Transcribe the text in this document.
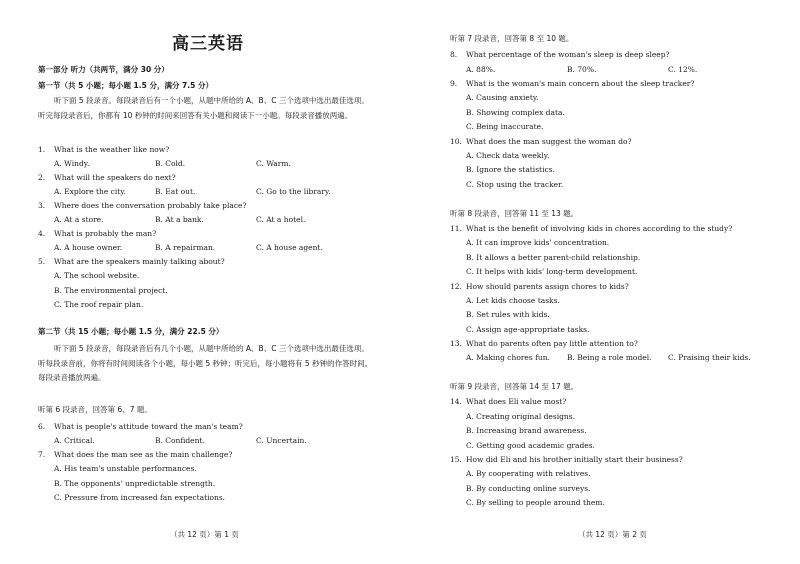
高三英语
第一部分 听力（共两节，满分 30 分）
第一节（共 5 小题；每小题 1.5 分，满分 7.5 分）
听下面 5 段录音。每段录音后有一个小题，从题中所给的 A、B、C 三个选项中选出最佳选项。听完每段录音后，你都有 10 秒钟的时间来回答有关小题和阅读下一小题。每段录音播放两遍。
1. What is the weather like now?
A. Windy.	B. Cold.	C. Warm.
2. What will the speakers do next?
A. Explore the city.	B. Eat out.	C. Go to the library.
3. Where does the conversation probably take place?
A. At a store.	B. At a bank.	C. At a hotel.
4. What is probably the man?
A. A house owner.	B. A repairman.	C. A house agent.
5. What are the speakers mainly talking about?
A. The school website.
B. The environmental project.
C. The roof repair plan.
第二节（共 15 小题；每小题 1.5 分，满分 22.5 分）
听下面 5 段录音，每段录音后有几个小题，从题中所给的 A、B、C 三个选项中选出最佳选项。听每段录音前，你将有时间阅读各个小题，每小题 5 秒钟；听完后，每小题将有 5 秒钟的作答时间。每段录音播放两遍。
听第 6 段录音，回答第 6、7 题。
6. What is people's attitude toward the man's team?
A. Critical.	B. Confident.	C. Uncertain.
7. What does the man see as the main challenge?
A. His team's unstable performances.
B. The opponents' unpredictable strength.
C. Pressure from increased fan expectations.
（共 12 页）第 1 页
听第 7 段录音，回答第 8 至 10 题。
8. What percentage of the woman's sleep is deep sleep?
A. 88%.	B. 70%.	C. 12%.
9. What is the woman's main concern about the sleep tracker?
A. Causing anxiety.
B. Showing complex data.
C. Being inaccurate.
10. What does the man suggest the woman do?
A. Check data weekly.
B. Ignore the statistics.
C. Stop using the tracker.
听第 8 段录音，回答第 11 至 13 题。
11. What is the benefit of involving kids in chores according to the study?
A. It can improve kids' concentration.
B. It allows a better parent-child relationship.
C. It helps with kids' long-term development.
12. How should parents assign chores to kids?
A. Let kids choose tasks.
B. Set rules with kids.
C. Assign age-appropriate tasks.
13. What do parents often pay little attention to?
A. Making chores fun. B. Being a role model. C. Praising their kids.
听第 9 段录音，回答第 14 至 17 题。
14. What does Eli value most?
A. Creating original designs.
B. Increasing brand awareness.
C. Getting good academic grades.
15. How did Eli and his brother initially start their business?
A. By cooperating with relatives.
B. By conducting online surveys.
C. By selling to people around them.
（共 12 页）第 2 页
